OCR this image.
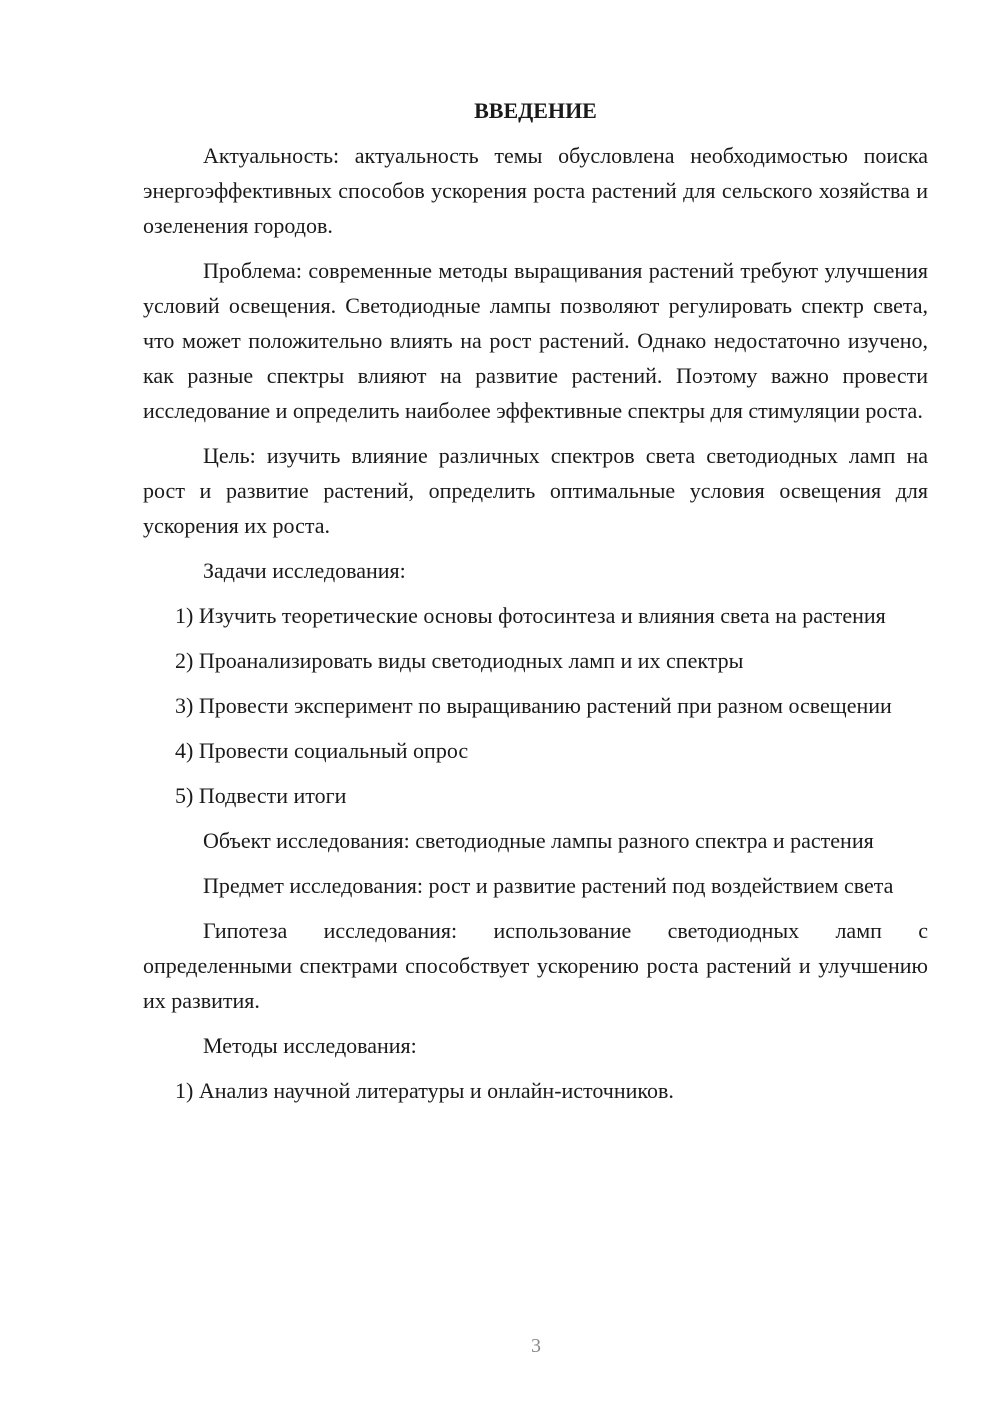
ВВЕДЕНИЕ

Актуальность: актуальность темы обусловлена необходимостью поиска энергоэффективных способов ускорения роста растений для сельского хозяйства и озеленения городов.

Проблема: современные методы выращивания растений требуют улучшения условий освещения. Светодиодные лампы позволяют регулировать спектр света, что может положительно влиять на рост растений. Однако недостаточно изучено, как разные спектры влияют на развитие растений. Поэтому важно провести исследование и определить наиболее эффективные спектры для стимуляции роста.

Цель: изучить влияние различных спектров света светодиодных ламп на рост и развитие растений, определить оптимальные условия освещения для ускорения их роста.

Задачи исследования:

1) Изучить теоретические основы фотосинтеза и влияния света на растения

2) Проанализировать виды светодиодных ламп и их спектры

3) Провести эксперимент по выращиванию растений при разном освещении

4) Провести социальный опрос

5) Подвести итоги

Объект исследования: светодиодные лампы разного спектра и растения

Предмет исследования: рост и развитие растений под воздействием света

Гипотеза исследования: использование светодиодных ламп с определенными спектрами способствует ускорению роста растений и улучшению их развития.

Методы исследования:

1) Анализ научной литературы и онлайн-источников.

3
